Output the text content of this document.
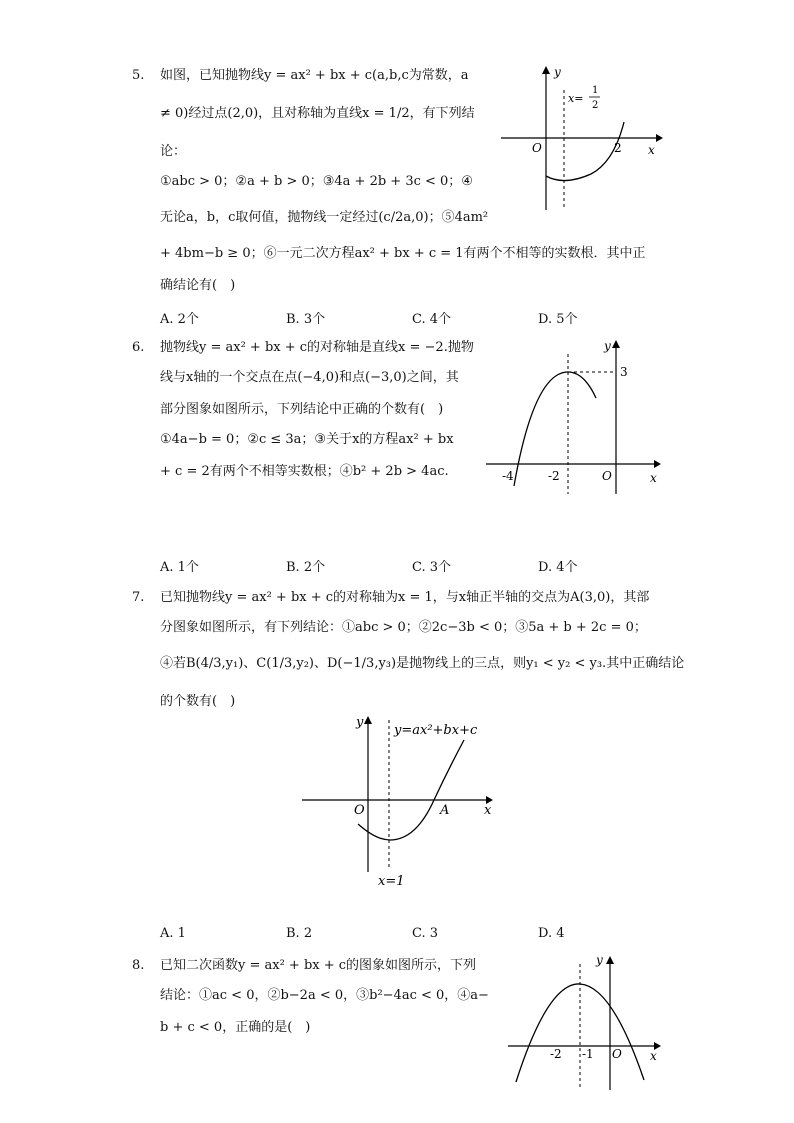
5. 如图，已知抛物线y = ax² + bx + c(a,b,c为常数，a
≠ 0)经过点(2,0)，且对称轴为直线x = 1/2，有下列结
论：
①abc > 0；②a + b > 0；③4a + 2b + 3c < 0；④
无论a，b，c取何值，抛物线一定经过(c/2a,0)；⑤4am²
+ 4bm−b ≥ 0；⑥一元二次方程ax² + bx + c = 1有两个不相等的实数根．其中正
确结论有(　)
A. 2个	B. 3个	C. 4个	D. 5个
y
x
O
x=
1
2
2
6. 抛物线y = ax² + bx + c的对称轴是直线x = −2.抛物
线与x轴的一个交点在点(−4,0)和点(−3,0)之间，其
部分图象如图所示，下列结论中正确的个数有(　)
①4a−b = 0；②c ≤ 3a；③关于x的方程ax² + bx
+ c = 2有两个不相等实数根；④b² + 2b > 4ac.
A. 1个	B. 2个	C. 3个	D. 4个
y
x
O
3
-4	-2
7. 已知抛物线y = ax² + bx + c的对称轴为x = 1，与x轴正半轴的交点为A(3,0)，其部
分图象如图所示，有下列结论：①abc > 0；②2c−3b < 0；③5a + b + 2c = 0；
④若B(4/3,y₁)、C(1/3,y₂)、D(−1/3,y₃)是抛物线上的三点，则y₁ < y₂ < y₃.其中正确结论
的个数有(　)
A. 1	B. 2	C. 3	D. 4
y
x
O	A
y=ax²+bx+c
x=1
8. 已知二次函数y = ax² + bx + c的图象如图所示，下列
结论：①ac < 0，②b−2a < 0，③b²−4ac < 0，④a−
b + c < 0，正确的是(　)
y
x
O
-2 -1
